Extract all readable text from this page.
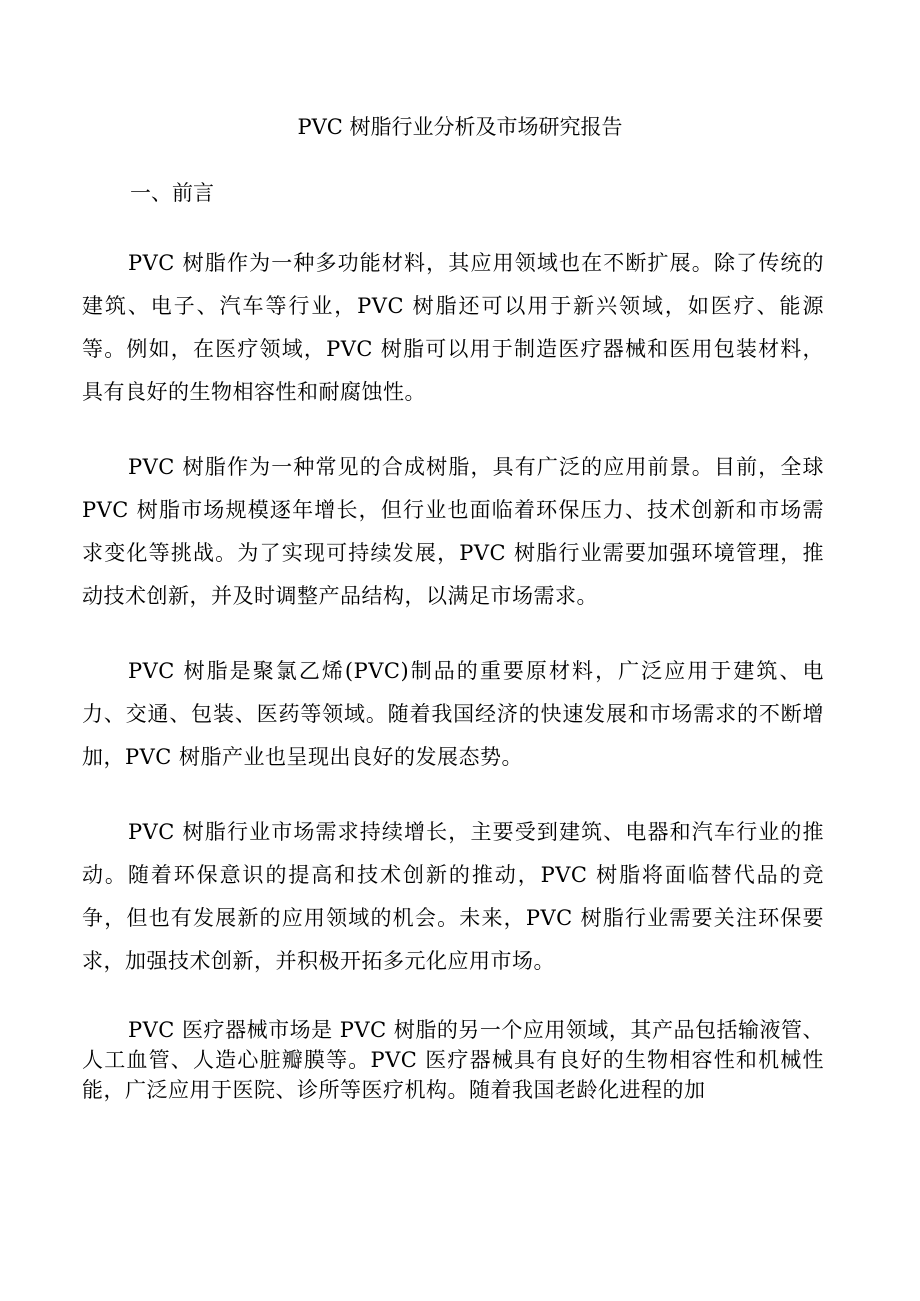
PVC 树脂行业分析及市场研究报告
一、前言

PVC 树脂作为一种多功能材料，其应用领域也在不断扩展。除了传统的建筑、电子、汽车等行业，PVC 树脂还可以用于新兴领域，如医疗、能源等。例如，在医疗领域，PVC 树脂可以用于制造医疗器械和医用包装材料，具有良好的生物相容性和耐腐蚀性。

PVC 树脂作为一种常见的合成树脂，具有广泛的应用前景。目前，全球 PVC 树脂市场规模逐年增长，但行业也面临着环保压力、技术创新和市场需求变化等挑战。为了实现可持续发展，PVC 树脂行业需要加强环境管理，推动技术创新，并及时调整产品结构，以满足市场需求。

PVC 树脂是聚氯乙烯(PVC)制品的重要原材料，广泛应用于建筑、电力、交通、包装、医药等领域。随着我国经济的快速发展和市场需求的不断增加，PVC 树脂产业也呈现出良好的发展态势。

PVC 树脂行业市场需求持续增长，主要受到建筑、电器和汽车行业的推动。随着环保意识的提高和技术创新的推动，PVC 树脂将面临替代品的竞争，但也有发展新的应用领域的机会。未来，PVC 树脂行业需要关注环保要求，加强技术创新，并积极开拓多元化应用市场。

PVC 医疗器械市场是 PVC 树脂的另一个应用领域，其产品包括输液管、人工血管、人造心脏瓣膜等。PVC 医疗器械具有良好的生物相容性和机械性能，广泛应用于医院、诊所等医疗机构。随着我国老龄化进程的加
